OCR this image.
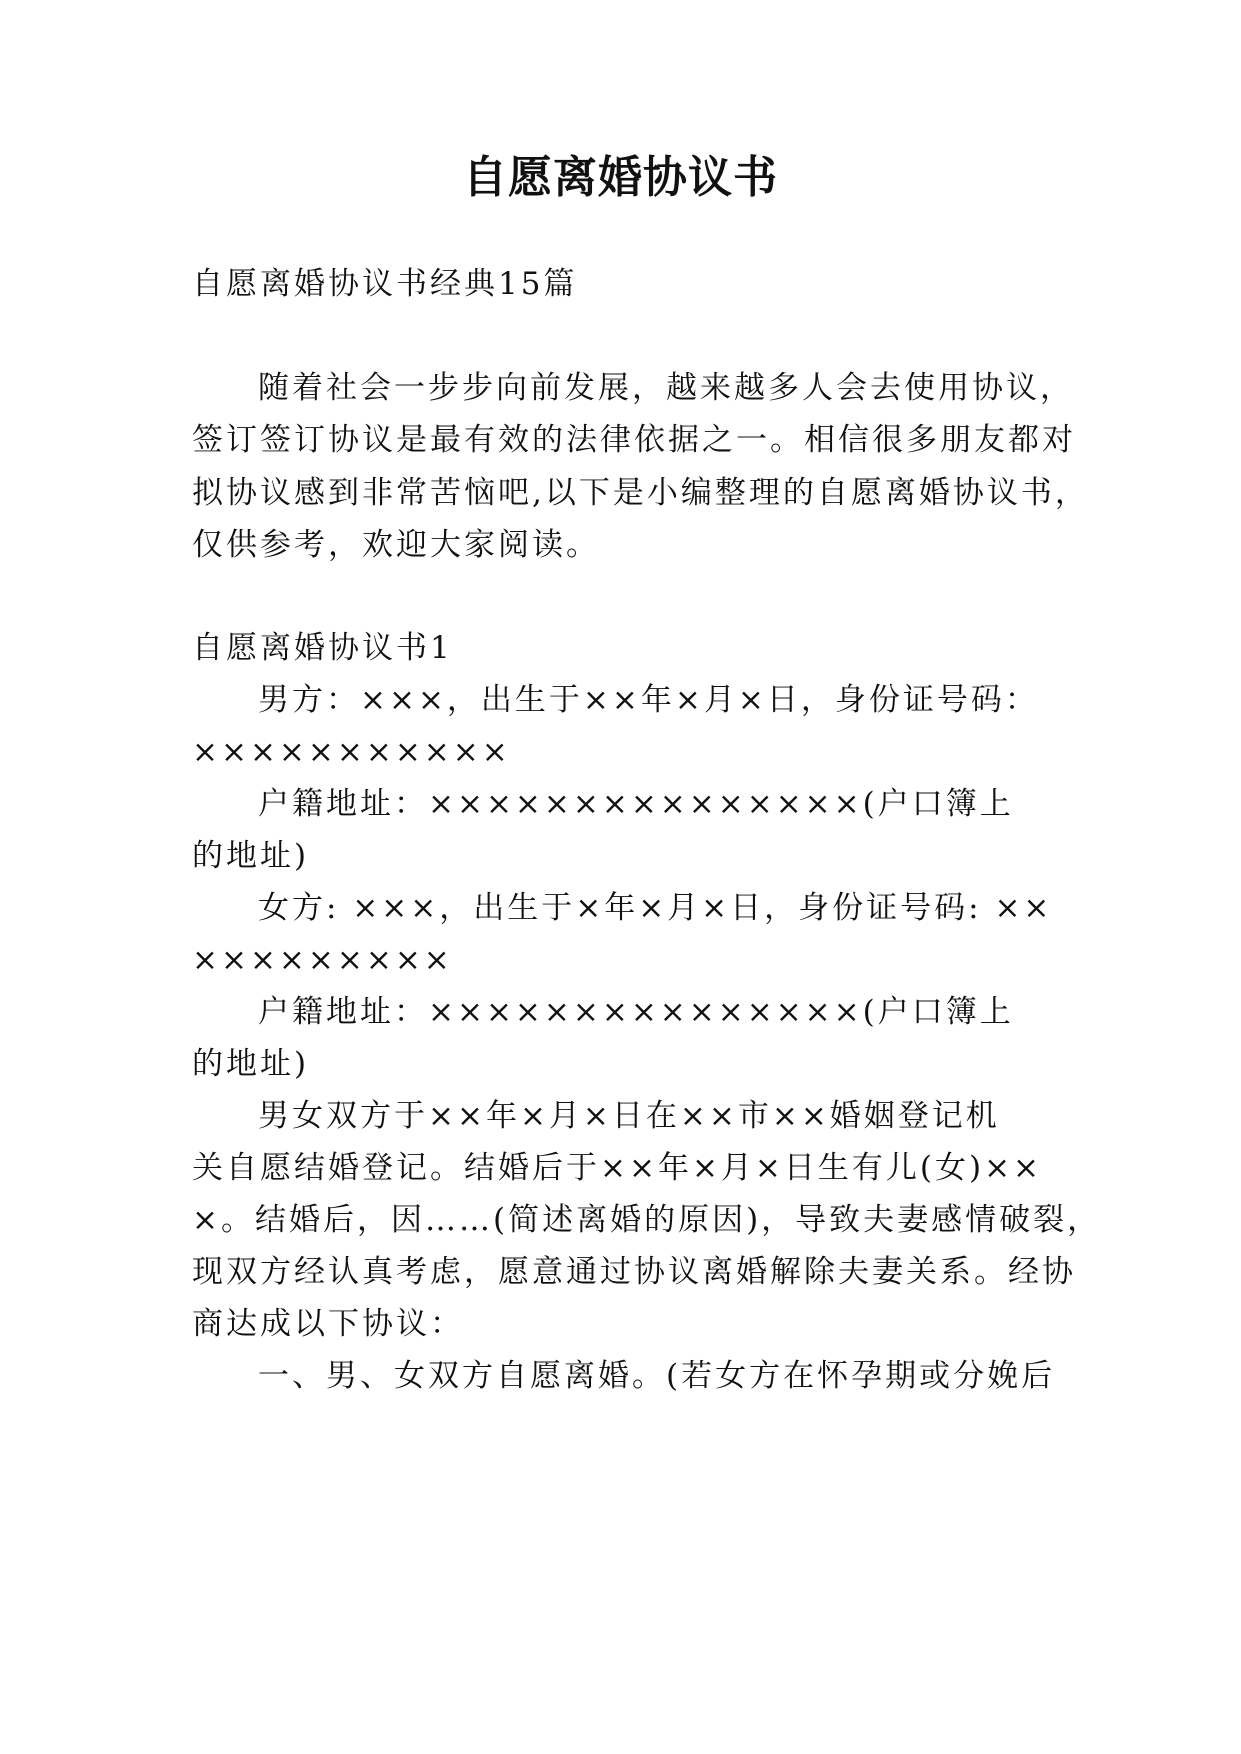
自愿离婚协议书
自愿离婚协议书经典15篇
随着社会一步步向前发展，越来越多人会去使用协议，
签订签订协议是最有效的法律依据之一。相信很多朋友都对
拟协议感到非常苦恼吧,以下是小编整理的自愿离婚协议书，
仅供参考，欢迎大家阅读。
自愿离婚协议书1
男方：×××，出生于××年×月×日，身份证号码：
×××××××××××
户籍地址：×××××××××××××××(户口簿上
的地址)
女方: ×××，出生于×年×月×日，身份证号码: ××
×××××××××
户籍地址：×××××××××××××××(户口簿上
的地址)
男女双方于××年×月×日在××市××婚姻登记机
关自愿结婚登记。结婚后于××年×月×日生有儿(女)××
×。结婚后，因……(简述离婚的原因)，导致夫妻感情破裂，
现双方经认真考虑，愿意通过协议离婚解除夫妻关系。经协
商达成以下协议：
一、男、女双方自愿离婚。(若女方在怀孕期或分娩后
